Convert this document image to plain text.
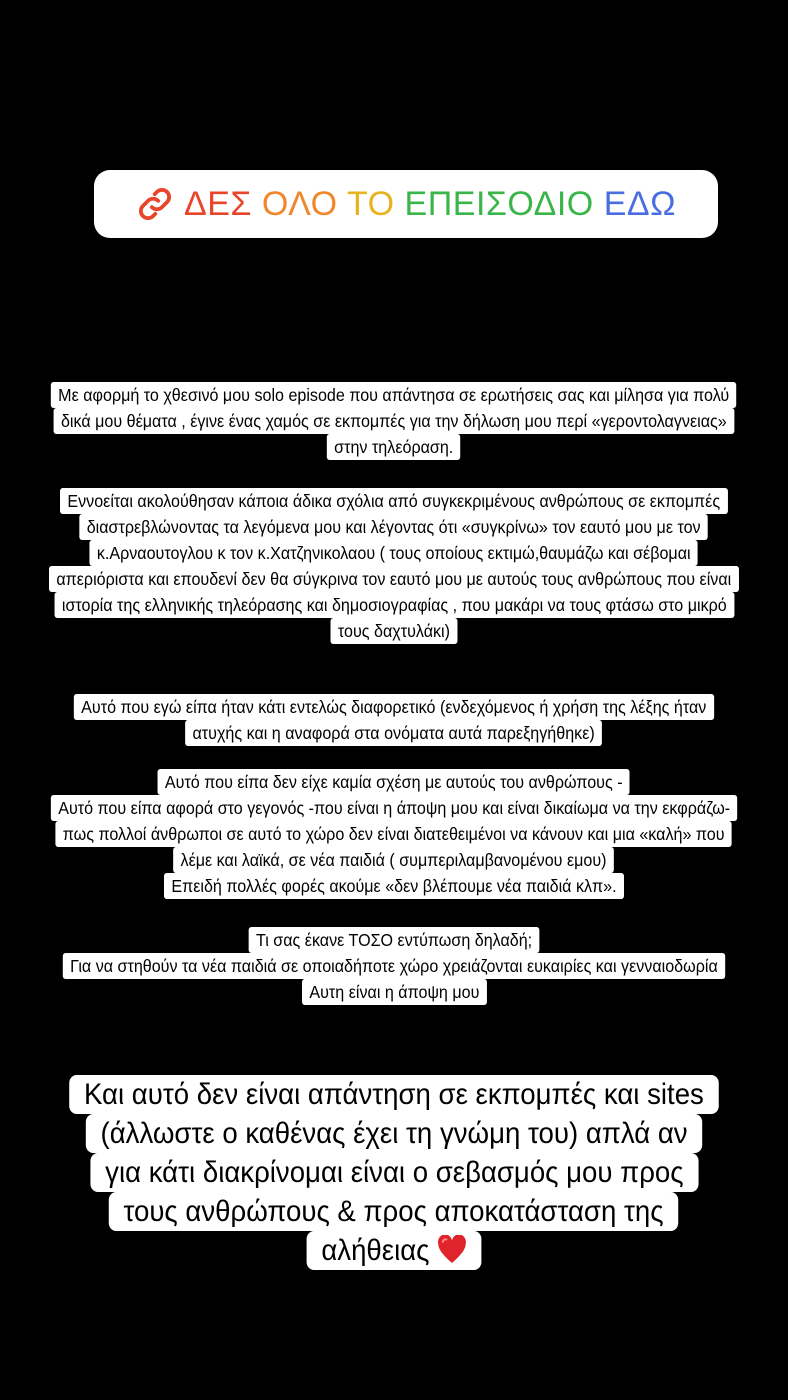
ΔΕΣ ΟΛΟ ΤΟ ΕΠΕΙΣΟΔΙΟ ΕΔΩ
Με αφορμή το χθεσινό μου solo episode που απάντησα σε ερωτήσεις σας και μίλησα για πολύ
δικά μου θέματα , έγινε ένας χαμός σε εκπομπές για την δήλωση μου περί «γεροντολαγνειας»
στην τηλεόραση.
Εννοείται ακολούθησαν κάποια άδικα σχόλια από συγκεκριμένους ανθρώπους σε εκπομπές
διαστρεβλώνοντας τα λεγόμενα μου και λέγοντας ότι «συγκρίνω» τον εαυτό μου με τον
κ.Αρναουτογλου κ τον κ.Χατζηνικολαου ( τους οποίους εκτιμώ,θαυμάζω και σέβομαι
απεριόριστα και επουδενί δεν θα σύγκρινα τον εαυτό μου με αυτούς τους ανθρώπους που είναι
ιστορία της ελληνικής τηλεόρασης και δημοσιογραφίας , που μακάρι να τους φτάσω στο μικρό
τους δαχτυλάκι)
Αυτό που εγώ είπα ήταν κάτι εντελώς διαφορετικό (ενδεχόμενος ή χρήση της λέξης ήταν
ατυχής και η αναφορά στα ονόματα αυτά παρεξηγήθηκε)
Αυτό που είπα δεν είχε καμία σχέση με αυτούς του ανθρώπους -
Αυτό που είπα αφορά στο γεγονός -που είναι η άποψη μου και είναι δικαίωμα να την εκφράζω-
πως πολλοί άνθρωποι σε αυτό το χώρο δεν είναι διατεθειμένοι να κάνουν και μια «καλή» που
λέμε και λαϊκά, σε νέα παιδιά ( συμπεριλαμβανομένου εμου)
Επειδή πολλές φορές ακούμε «δεν βλέπουμε νέα παιδιά κλπ».
Τι σας έκανε ΤΟΣΟ εντύπωση δηλαδή;
Για να στηθούν τα νέα παιδιά σε οποιαδήποτε χώρο χρειάζονται ευκαιρίες και γενναιοδωρία
Αυτη είναι η άποψη μου
Και αυτό δεν είναι απάντηση σε εκπομπές και sites
(άλλωστε ο καθένας έχει τη γνώμη του) απλά αν
για κάτι διακρίνομαι είναι ο σεβασμός μου προς
τους ανθρώπους & προς αποκατάσταση της
αλήθειας
